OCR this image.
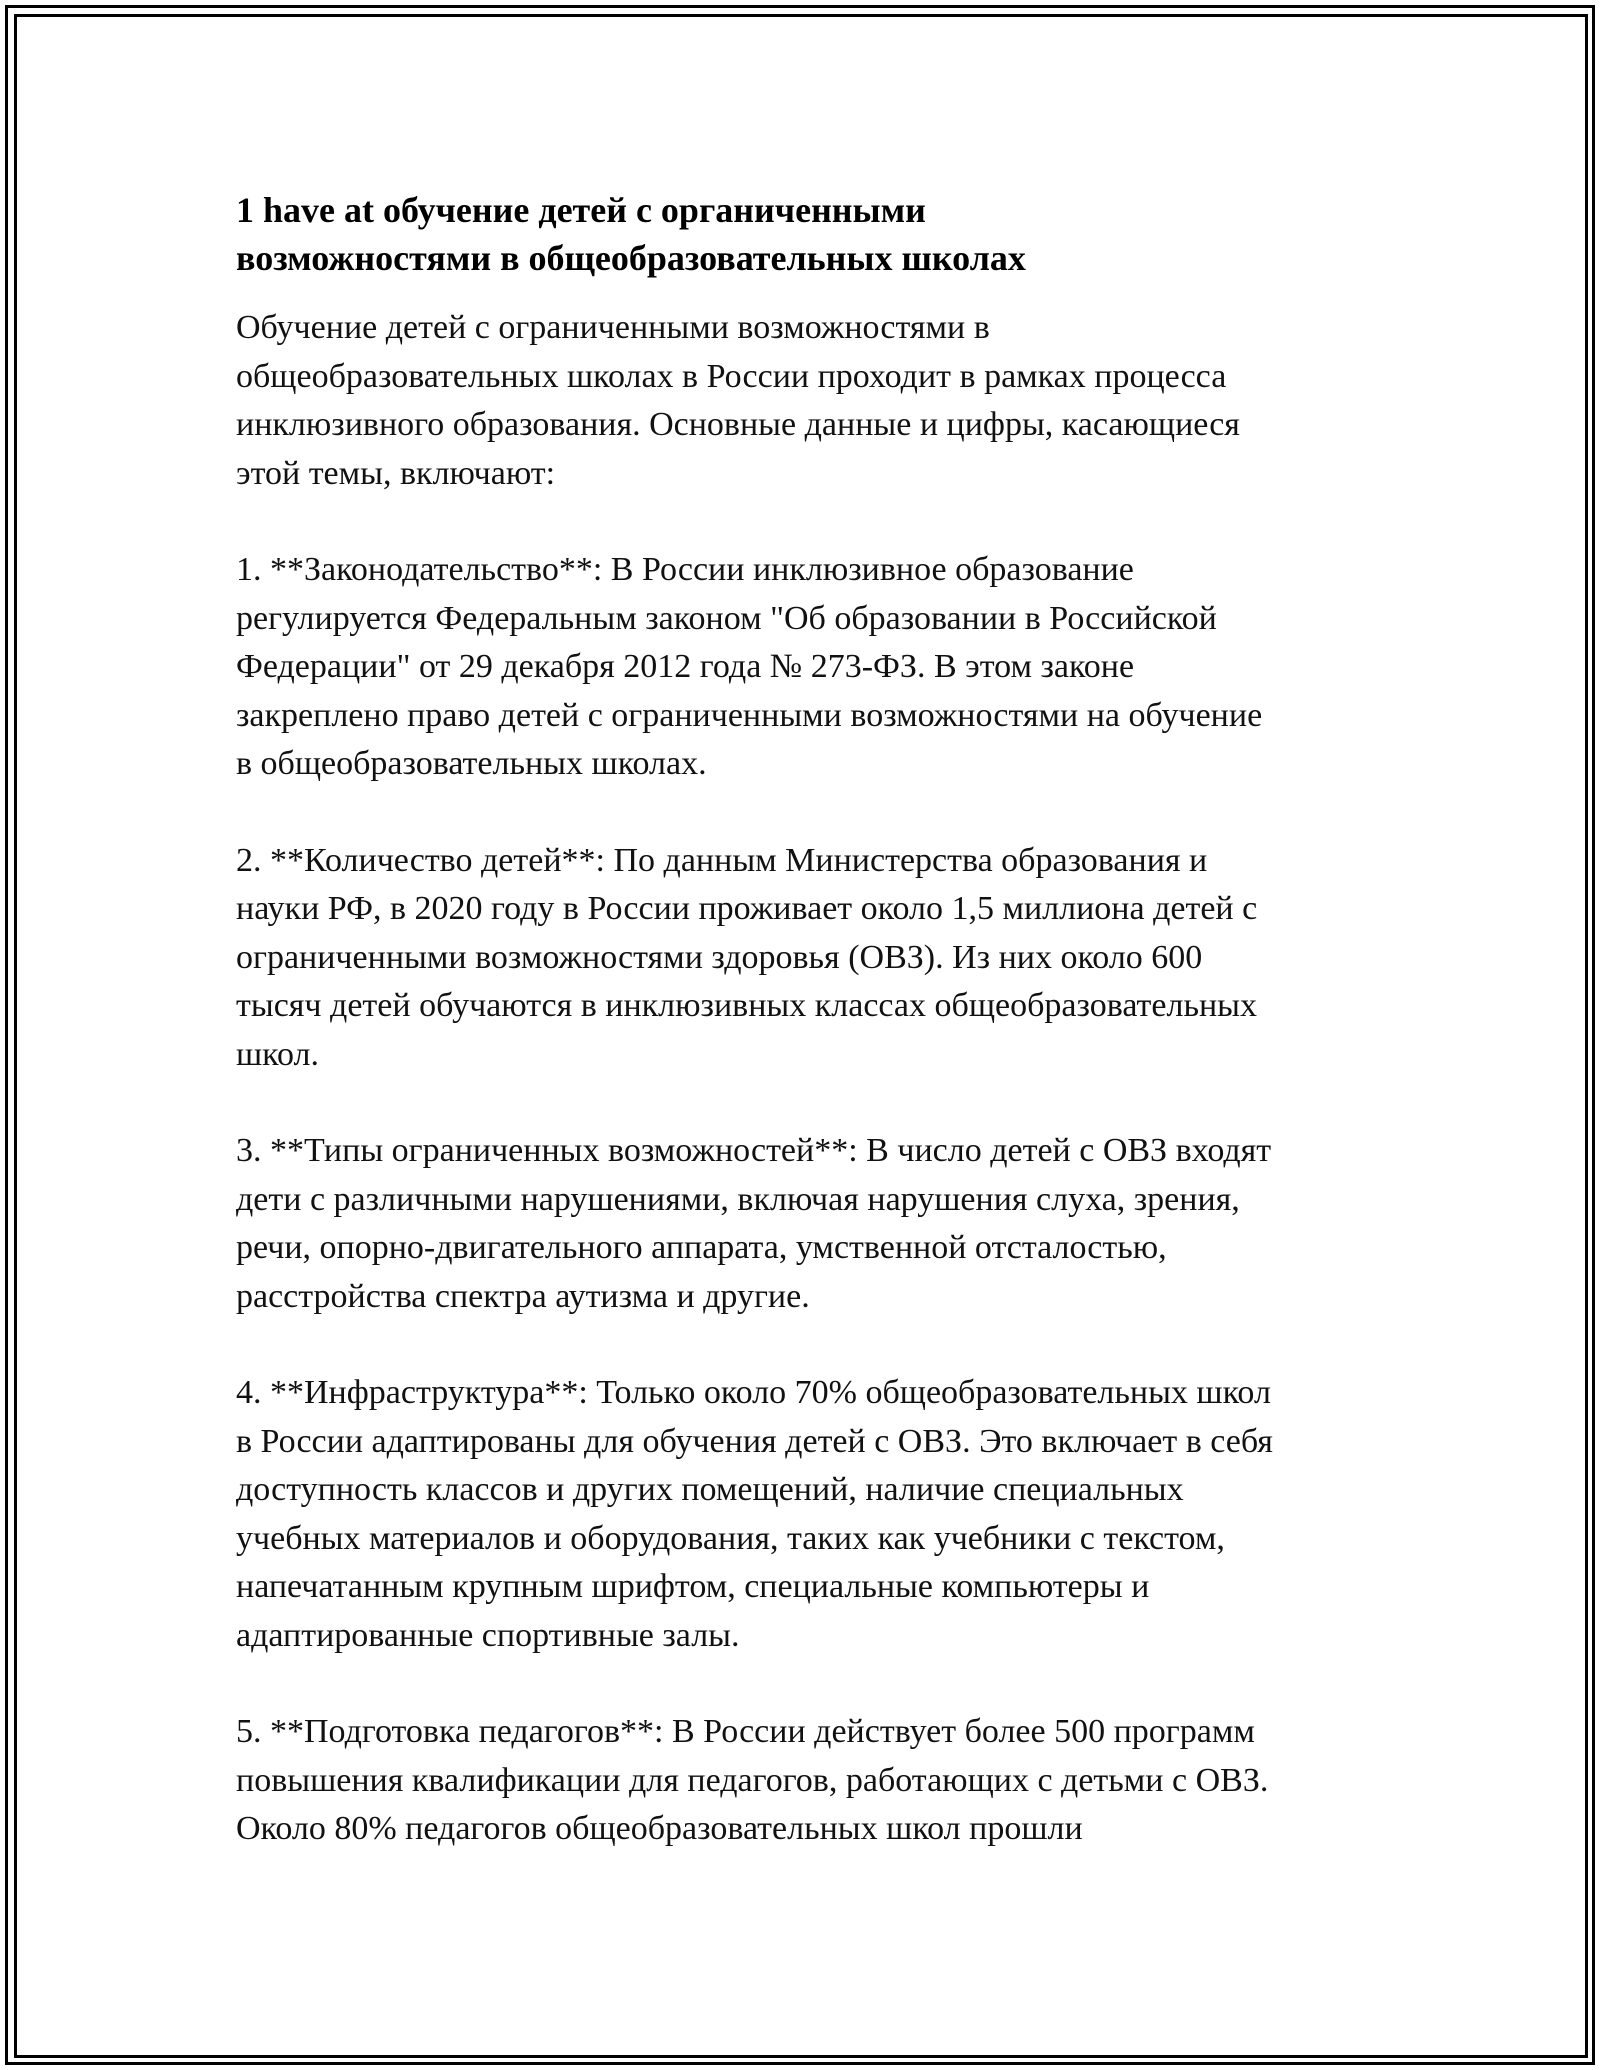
1 have at обучение детей с органиченными
возможностями в общеобразовательных школах

Обучение детей с ограниченными возможностями в
общеобразовательных школах в России проходит в рамках процесса
инклюзивного образования. Основные данные и цифры, касающиеся
этой темы, включают:

1. **Законодательство**: В России инклюзивное образование
регулируется Федеральным законом "Об образовании в Российской
Федерации" от 29 декабря 2012 года № 273-ФЗ. В этом законе
закреплено право детей с ограниченными возможностями на обучение
в общеобразовательных школах.

2. **Количество детей**: По данным Министерства образования и
науки РФ, в 2020 году в России проживает около 1,5 миллиона детей с
ограниченными возможностями здоровья (ОВЗ). Из них около 600
тысяч детей обучаются в инклюзивных классах общеобразовательных
школ.

3. **Типы ограниченных возможностей**: В число детей с ОВЗ входят
дети с различными нарушениями, включая нарушения слуха, зрения,
речи, опорно-двигательного аппарата, умственной отсталостью,
расстройства спектра аутизма и другие.

4. **Инфраструктура**: Только около 70% общеобразовательных школ
в России адаптированы для обучения детей с ОВЗ. Это включает в себя
доступность классов и других помещений, наличие специальных
учебных материалов и оборудования, таких как учебники с текстом,
напечатанным крупным шрифтом, специальные компьютеры и
адаптированные спортивные залы.

5. **Подготовка педагогов**: В России действует более 500 программ
повышения квалификации для педагогов, работающих с детьми с ОВЗ.
Около 80% педагогов общеобразовательных школ прошли
